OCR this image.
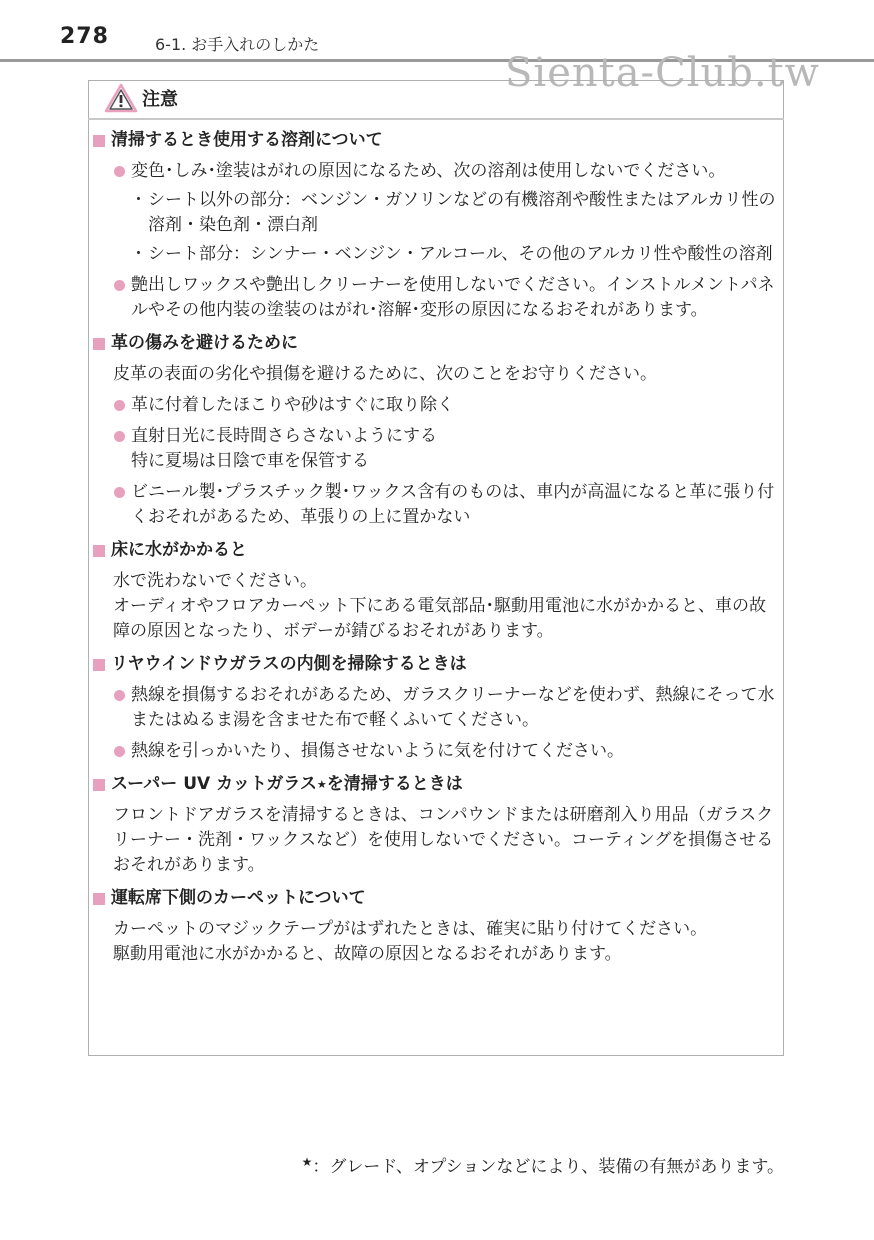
278	6-1. お手入れのしかた
Sienta-Club.tw
注意
清掃するとき使用する溶剤について
変色･しみ･塗装はがれの原因になるため、次の溶剤は使用しないでください。
・ シート以外の部分：ベンジン・ガソリンなどの有機溶剤や酸性またはアルカリ性の溶剤・染色剤・漂白剤
・ シート部分：シンナー・ベンジン・アルコール、その他のアルカリ性や酸性の溶剤
艶出しワックスや艶出しクリーナーを使用しないでください。インストルメントパネルやその他内装の塗装のはがれ･溶解･変形の原因になるおそれがあります。
革の傷みを避けるために
皮革の表面の劣化や損傷を避けるために、次のことをお守りください。
革に付着したほこりや砂はすぐに取り除く
直射日光に長時間さらさないようにする
特に夏場は日陰で車を保管する
ビニール製･プラスチック製･ワックス含有のものは、車内が高温になると革に張り付くおそれがあるため、革張りの上に置かない
床に水がかかると
水で洗わないでください。
オーディオやフロアカーペット下にある電気部品･駆動用電池に水がかかると、車の故障の原因となったり、ボデーが錆びるおそれがあります。
リヤウインドウガラスの内側を掃除するときは
熱線を損傷するおそれがあるため、ガラスクリーナーなどを使わず、熱線にそって水またはぬるま湯を含ませた布で軽くふいてください。
熱線を引っかいたり、損傷させないように気を付けてください。
スーパー UV カットガラス ★ を清掃するときは
フロントドアガラスを清掃するときは、コンパウンドまたは研磨剤入り用品（ガラスクリーナー・洗剤・ワックスなど）を使用しないでください。コーティングを損傷させるおそれがあります。
運転席下側のカーペットについて
カーペットのマジックテープがはずれたときは、確実に貼り付けてください。
駆動用電池に水がかかると、故障の原因となるおそれがあります。
★：グレード、オプションなどにより、装備の有無があります。
